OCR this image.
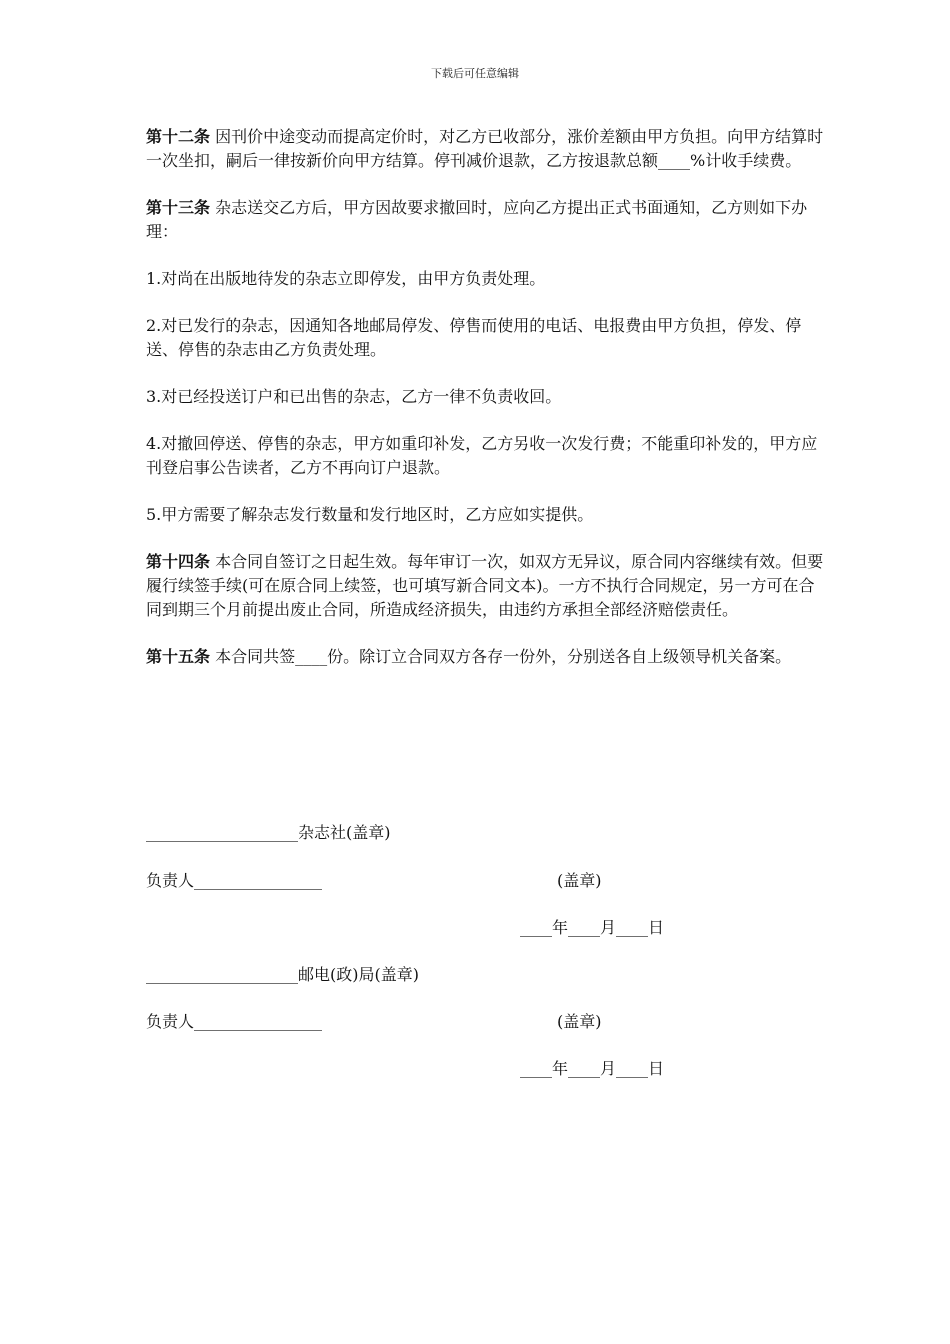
下载后可任意编辑

第十二条 因刊价中途变动而提高定价时，对乙方已收部分，涨价差额由甲方负担。向甲方结算时一次坐扣，嗣后一律按新价向甲方结算。停刊减价退款，乙方按退款总额____%计收手续费。

第十三条 杂志送交乙方后，甲方因故要求撤回时，应向乙方提出正式书面通知，乙方则如下办理：

1.对尚在出版地待发的杂志立即停发，由甲方负责处理。

2.对已发行的杂志，因通知各地邮局停发、停售而使用的电话、电报费由甲方负担，停发、停送、停售的杂志由乙方负责处理。

3.对已经投送订户和已出售的杂志，乙方一律不负责收回。

4.对撤回停送、停售的杂志，甲方如重印补发，乙方另收一次发行费；不能重印补发的，甲方应刊登启事公告读者，乙方不再向订户退款。

5.甲方需要了解杂志发行数量和发行地区时，乙方应如实提供。

第十四条 本合同自签订之日起生效。每年审订一次，如双方无异议，原合同内容继续有效。但要履行续签手续(可在原合同上续签，也可填写新合同文本)。一方不执行合同规定，另一方可在合同到期三个月前提出废止合同，所造成经济损失，由违约方承担全部经济赔偿责任。

第十五条 本合同共签____份。除订立合同双方各存一份外，分别送各自上级领导机关备案。

___________________杂志社(盖章)
负责人________________	(盖章)
____年____月____日
___________________邮电(政)局(盖章)
负责人________________	(盖章)
____年____月____日
